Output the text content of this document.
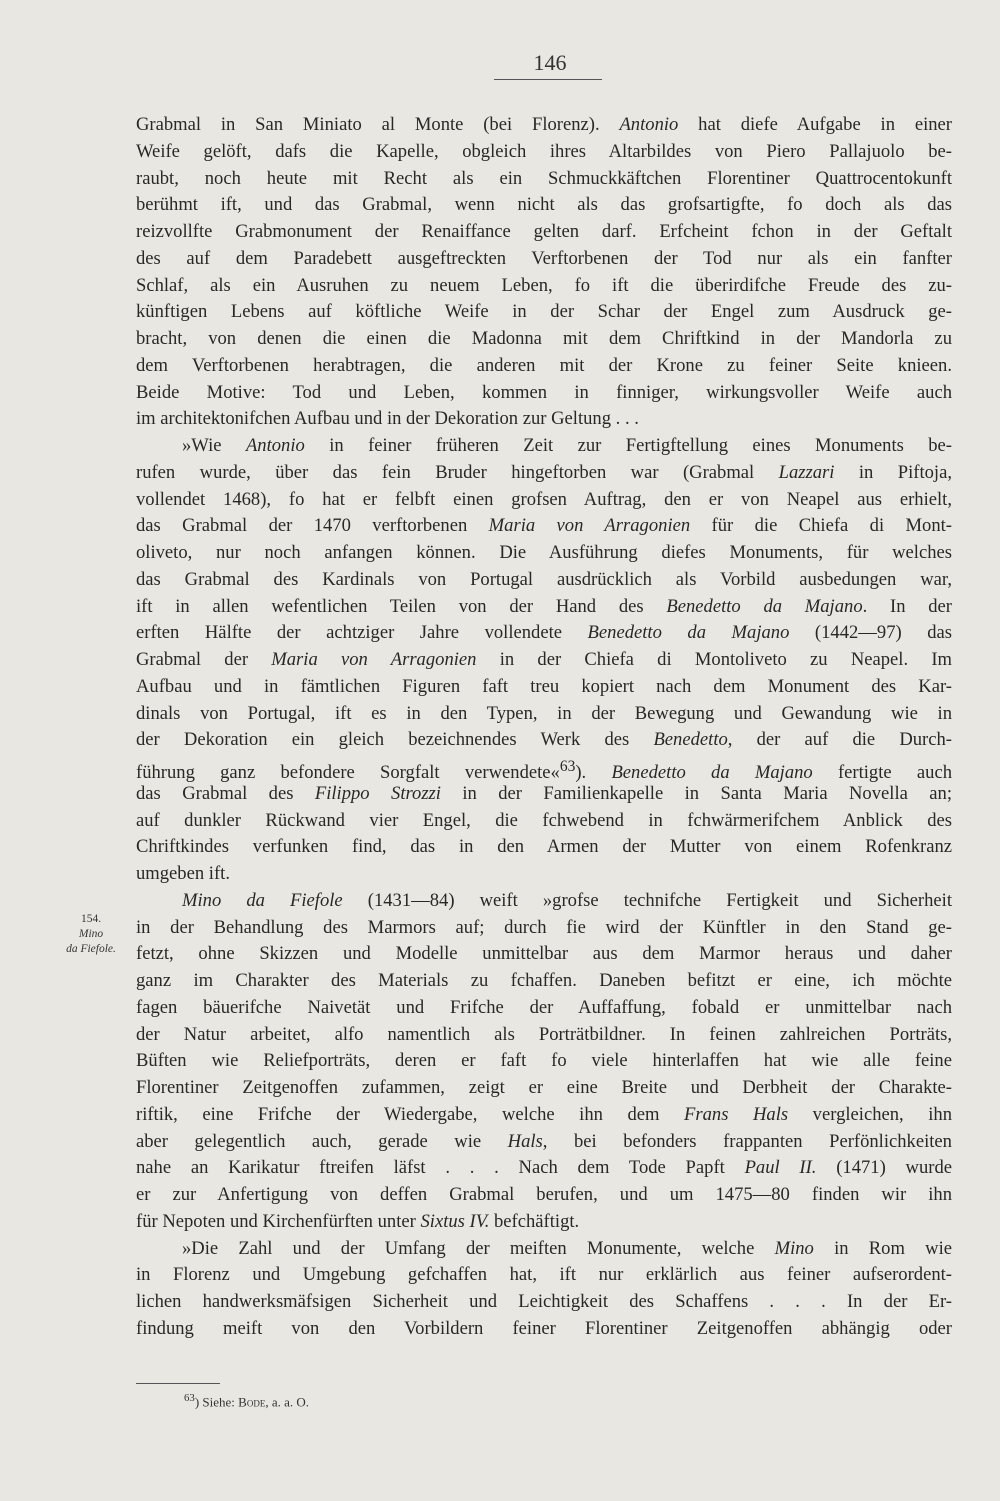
146
154.
Mino
da Fiefole.
Grabmal in San Miniato al Monte (bei Florenz). Antonio hat diefe Aufgabe in einer
Weife gelöft, dafs die Kapelle, obgleich ihres Altarbildes von Piero Pallajuolo be-
raubt, noch heute mit Recht als ein Schmuckkäftchen Florentiner Quattrocentokunft
berühmt ift, und das Grabmal, wenn nicht als das grofsartigfte, fo doch als das
reizvollfte Grabmonument der Renaiffance gelten darf. Erfcheint fchon in der Geftalt
des auf dem Paradebett ausgeftreckten Verftorbenen der Tod nur als ein fanfter
Schlaf, als ein Ausruhen zu neuem Leben, fo ift die überirdifche Freude des zu-
künftigen Lebens auf köftliche Weife in der Schar der Engel zum Ausdruck ge-
bracht, von denen die einen die Madonna mit dem Chriftkind in der Mandorla zu
dem Verftorbenen herabtragen, die anderen mit der Krone zu feiner Seite knieen.
Beide Motive: Tod und Leben, kommen in finniger, wirkungsvoller Weife auch
im architektonifchen Aufbau und in der Dekoration zur Geltung . . .
»Wie Antonio in feiner früheren Zeit zur Fertigftellung eines Monuments be-
rufen wurde, über das fein Bruder hingeftorben war (Grabmal Lazzari in Piftoja,
vollendet 1468), fo hat er felbft einen grofsen Auftrag, den er von Neapel aus erhielt,
das Grabmal der 1470 verftorbenen Maria von Arragonien für die Chiefa di Mont-
oliveto, nur noch anfangen können. Die Ausführung diefes Monuments, für welches
das Grabmal des Kardinals von Portugal ausdrücklich als Vorbild ausbedungen war,
ift in allen wefentlichen Teilen von der Hand des Benedetto da Majano. In der
erften Hälfte der achtziger Jahre vollendete Benedetto da Majano (1442—97) das
Grabmal der Maria von Arragonien in der Chiefa di Montoliveto zu Neapel. Im
Aufbau und in fämtlichen Figuren faft treu kopiert nach dem Monument des Kar-
dinals von Portugal, ift es in den Typen, in der Bewegung und Gewandung wie in
der Dekoration ein gleich bezeichnendes Werk des Benedetto, der auf die Durch-
führung ganz befondere Sorgfalt verwendete«$^{63}$). Benedetto da Majano fertigte auch
das Grabmal des Filippo Strozzi in der Familienkapelle in Santa Maria Novella an;
auf dunkler Rückwand vier Engel, die fchwebend in fchwärmerifchem Anblick des
Chriftkindes verfunken find, das in den Armen der Mutter von einem Rofenkranz
umgeben ift.
Mino da Fiefole (1431—84) weift »grofse technifche Fertigkeit und Sicherheit
in der Behandlung des Marmors auf; durch fie wird der Künftler in den Stand ge-
fetzt, ohne Skizzen und Modelle unmittelbar aus dem Marmor heraus und daher
ganz im Charakter des Materials zu fchaffen. Daneben befitzt er eine, ich möchte
fagen bäuerifche Naivetät und Frifche der Auffaffung, fobald er unmittelbar nach
der Natur arbeitet, alfo namentlich als Porträtbildner. In feinen zahlreichen Porträts,
Büften wie Reliefporträts, deren er faft fo viele hinterlaffen hat wie alle feine
Florentiner Zeitgenoffen zufammen, zeigt er eine Breite und Derbheit der Charakte-
riftik, eine Frifche der Wiedergabe, welche ihn dem Frans Hals vergleichen, ihn
aber gelegentlich auch, gerade wie Hals, bei befonders frappanten Perfönlichkeiten
nahe an Karikatur ftreifen läfst . . . Nach dem Tode Papft Paul II. (1471) wurde
er zur Anfertigung von deffen Grabmal berufen, und um 1475—80 finden wir ihn
für Nepoten und Kirchenfürften unter Sixtus IV. befchäftigt.
»Die Zahl und der Umfang der meiften Monumente, welche Mino in Rom wie
in Florenz und Umgebung gefchaffen hat, ift nur erklärlich aus feiner aufserordent-
lichen handwerksmäfsigen Sicherheit und Leichtigkeit des Schaffens . . . In der Er-
findung meift von den Vorbildern feiner Florentiner Zeitgenoffen abhängig oder
$^{63}$) Siehe: Bode, a. a. O.
